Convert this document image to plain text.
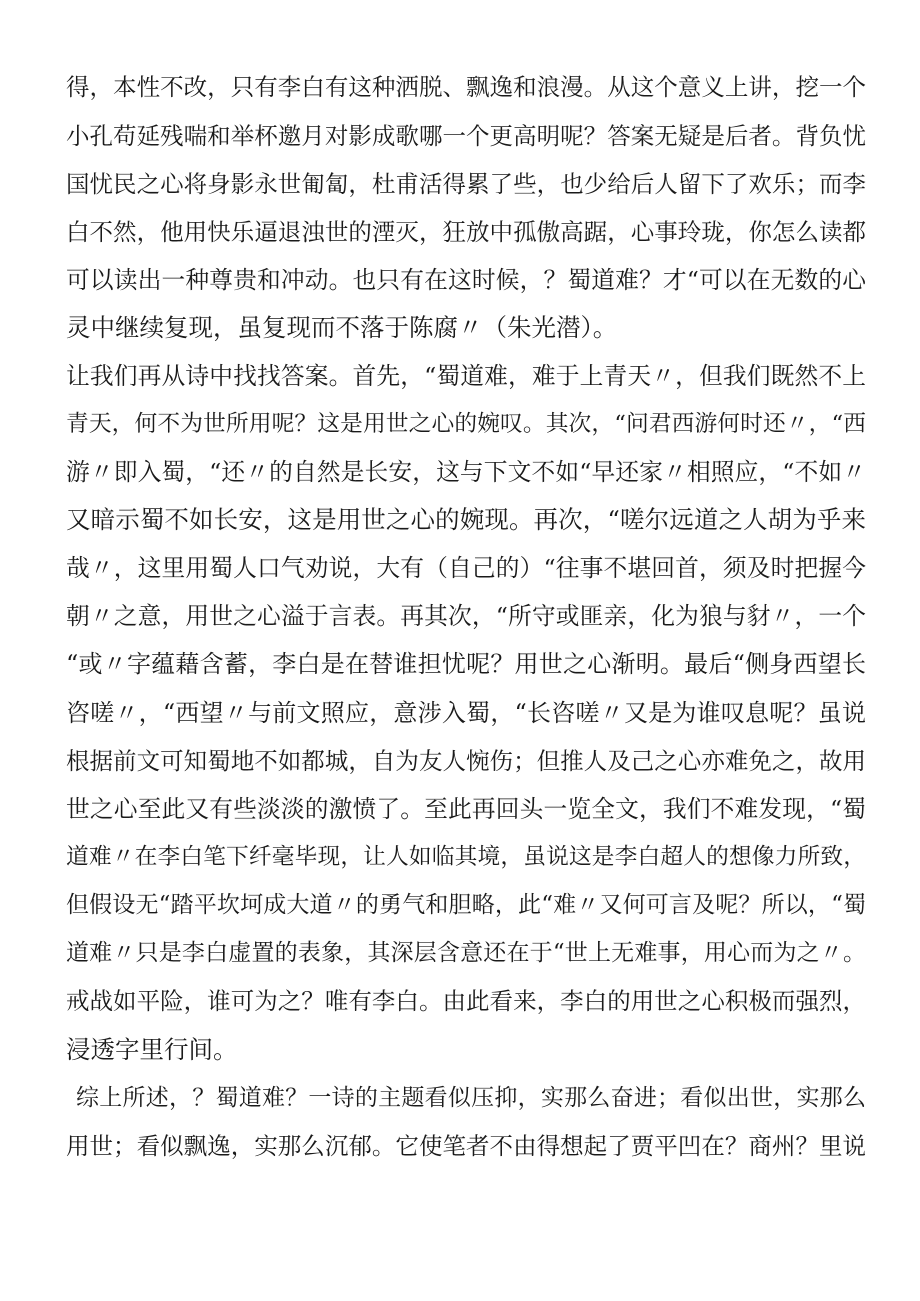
得，本性不改，只有李白有这种洒脱、飘逸和浪漫。从这个意义上讲，挖一个
小孔苟延残喘和举杯邀月对影成歌哪一个更高明呢？答案无疑是后者。背负忧
国忧民之心将身影永世匍匐，杜甫活得累了些，也少给后人留下了欢乐；而李
白不然，他用快乐逼退浊世的湮灭，狂放中孤傲高踞，心事玲珑，你怎么读都
可以读出一种尊贵和冲动。也只有在这时候，？蜀道难？才“可以在无数的心
灵中继续复现，虽复现而不落于陈腐〃（朱光潜）。
让我们再从诗中找找答案。首先，“蜀道难，难于上青天〃，但我们既然不上
青天，何不为世所用呢？这是用世之心的婉叹。其次，“问君西游何时还〃，“西
游〃即入蜀，“还〃的自然是长安，这与下文不如“早还家〃相照应，“不如〃
又暗示蜀不如长安，这是用世之心的婉现。再次，“嗟尔远道之人胡为乎来
哉〃，这里用蜀人口气劝说，大有（自己的）“往事不堪回首，须及时把握今
朝〃之意，用世之心溢于言表。再其次，“所守或匪亲，化为狼与豺〃，一个
“或〃字蕴藉含蓄，李白是在替谁担忧呢？用世之心渐明。最后“侧身西望长
咨嗟〃，“西望〃与前文照应，意涉入蜀，“长咨嗟〃又是为谁叹息呢？虽说
根据前文可知蜀地不如都城，自为友人惋伤；但推人及己之心亦难免之，故用
世之心至此又有些淡淡的激愤了。至此再回头一览全文，我们不难发现，“蜀
道难〃在李白笔下纤毫毕现，让人如临其境，虽说这是李白超人的想像力所致，
但假设无“踏平坎坷成大道〃的勇气和胆略，此“难〃又何可言及呢？所以，“蜀
道难〃只是李白虚置的表象，其深层含意还在于“世上无难事，用心而为之〃。
戒战如平险，谁可为之？唯有李白。由此看来，李白的用世之心积极而强烈，
浸透字里行间。
综上所述，？蜀道难？一诗的主题看似压抑，实那么奋进；看似出世，实那么
用世；看似飘逸，实那么沉郁。它使笔者不由得想起了贾平凹在？商州？里说
